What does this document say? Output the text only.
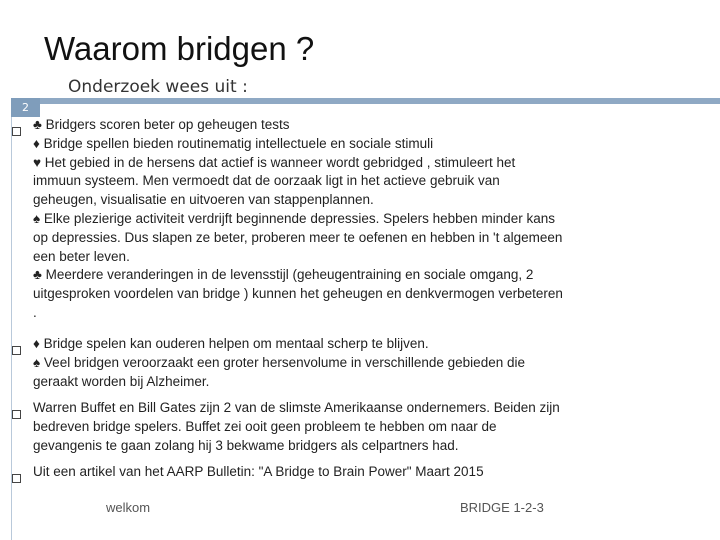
Waarom bridgen ?
Onderzoek wees uit :
2
♣ Bridgers scoren beter op geheugen tests
♦ Bridge spellen bieden routinematig intellectuele en sociale stimuli
♥ Het gebied in de hersens dat actief is wanneer wordt gebridged , stimuleert het
immuun systeem. Men vermoedt dat de oorzaak ligt in het actieve gebruik van
geheugen, visualisatie en uitvoeren van stappenplannen.
♠ Elke plezierige activiteit verdrijft beginnende depressies. Spelers hebben minder kans
op depressies. Dus slapen ze beter, proberen meer te oefenen en hebben in 't algemeen
een beter leven.
♣ Meerdere veranderingen in de levensstijl (geheugentraining en sociale omgang, 2
uitgesproken voordelen van bridge ) kunnen het geheugen en denkvermogen verbeteren
.
♦ Bridge spelen kan ouderen helpen om mentaal scherp te blijven.
♠ Veel bridgen veroorzaakt een groter hersenvolume in verschillende gebieden die
geraakt worden bij Alzheimer.
Warren Buffet en Bill Gates zijn 2 van de slimste Amerikaanse ondernemers. Beiden zijn
bedreven bridge spelers. Buffet zei ooit geen probleem te hebben om naar de
gevangenis te gaan zolang hij 3 bekwame bridgers als celpartners had.
Uit een artikel van het AARP Bulletin: "A Bridge to Brain Power" Maart 2015
welkom	BRIDGE 1-2-3
